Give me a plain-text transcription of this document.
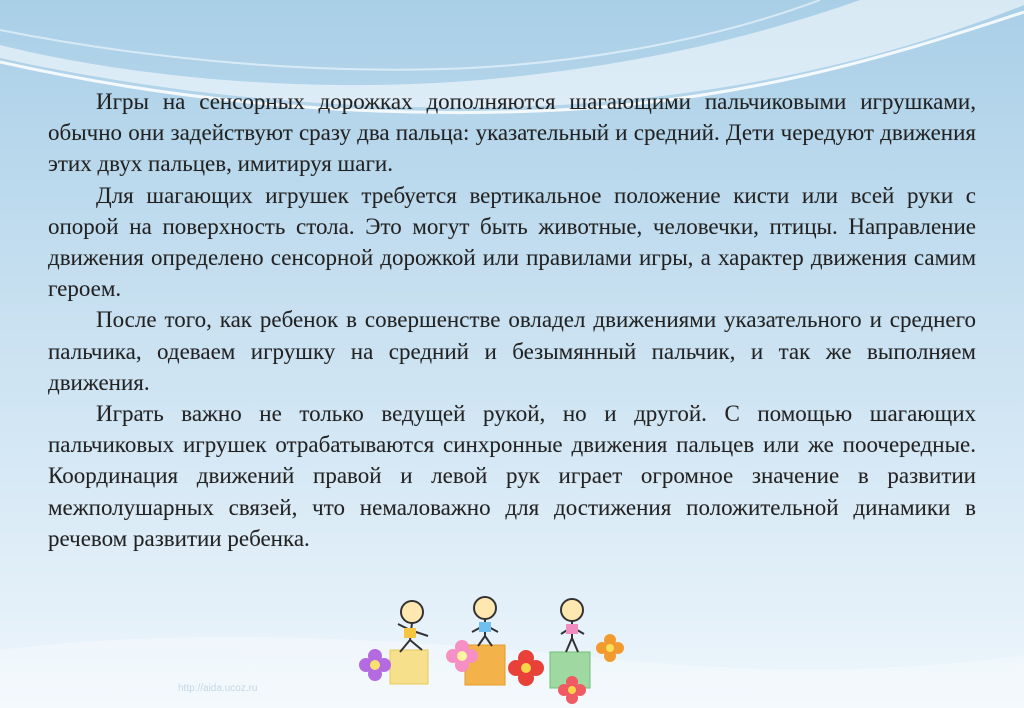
Игры на сенсорных дорожках дополняются шагающими пальчиковыми игрушками, обычно они задействуют сразу два пальца: указательный и средний. Дети чередуют движения этих двух пальцев, имитируя шаги.

Для шагающих игрушек требуется вертикальное положение кисти или всей руки с опорой на поверхность стола. Это могут быть животные, человечки, птицы. Направление движения определено сенсорной дорожкой или правилами игры, а характер движения самим героем.

После того, как ребенок в совершенстве овладел движениями указательного и среднего пальчика, одеваем игрушку на средний и безымянный пальчик, и так же выполняем движения.

Играть важно не только ведущей рукой, но и другой. С помощью шагающих пальчиковых игрушек отрабатываются синхронные движения пальцев или же поочередные. Координация движений правой и левой рук играет огромное значение в развитии межполушарных связей, что немаловажно для достижения положительной динамики в речевом развитии ребенка.

http://aida.ucoz.ru
